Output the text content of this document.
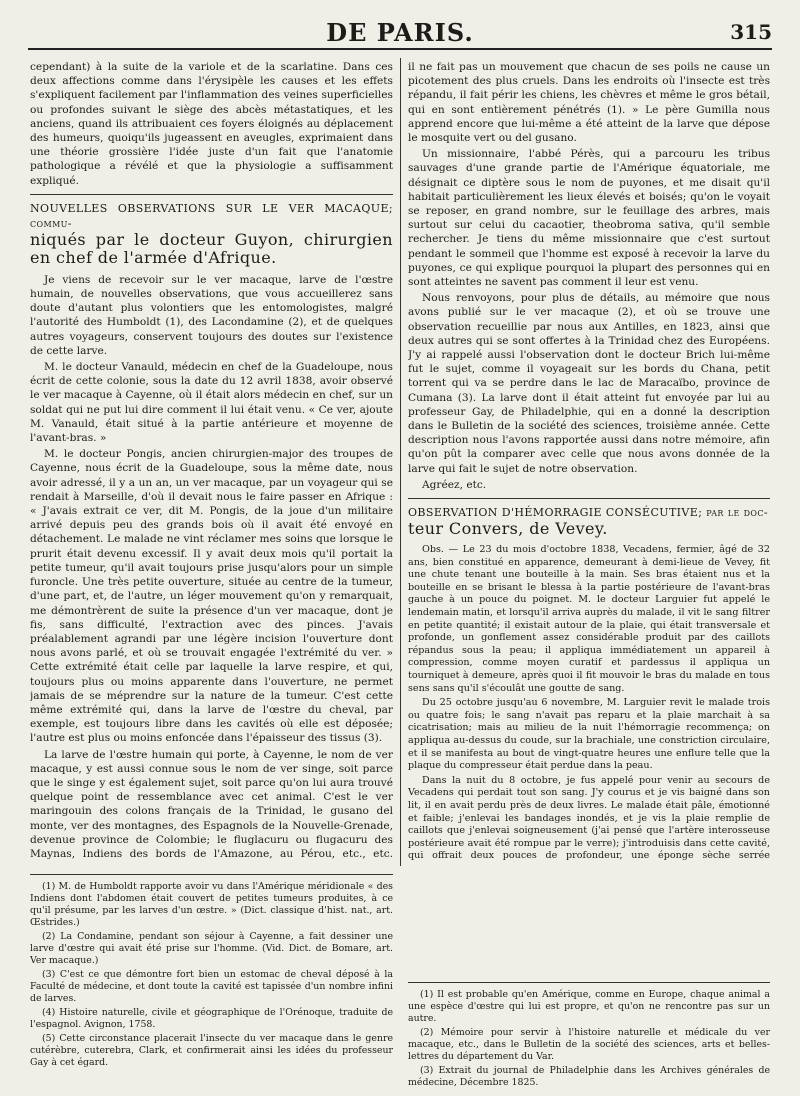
DE PARIS.	315

cependant) à la suite de la variole et de la scarlatine. Dans ces deux affections comme dans l'érysipèle les causes et les effets s'expliquent facilement par l'inflammation des veines superficielles ou profondes suivant le siège des abcès métastatiques, et les anciens, quand ils attribuaient ces foyers éloignés au déplacement des humeurs, quoiqu'ils jugeassent en aveugles, exprimaient dans une théorie grossière l'idée juste d'un fait que l'anatomie pathologique a révélé et que la physiologie a suffisamment expliqué.

NOUVELLES OBSERVATIONS SUR LE VER MACAQUE; commu-
niqués par le docteur Guyon, chirurgien en chef de l'armée d'Afrique.

Je viens de recevoir sur le ver macaque, larve de l'œstre humain, de nouvelles observations, que vous accueillerez sans doute d'autant plus volontiers que les entomologistes, malgré l'autorité des Humboldt (1), des Lacondamine (2), et de quelques autres voyageurs, conservent toujours des doutes sur l'existence de cette larve.

M. le docteur Vanauld, médecin en chef de la Guadeloupe, nous écrit de cette colonie, sous la date du 12 avril 1838, avoir observé le ver macaque à Cayenne, où il était alors médecin en chef, sur un soldat qui ne put lui dire comment il lui était venu. « Ce ver, ajoute M. Vanauld, était situé à la partie antérieure et moyenne de l'avant-bras. »

M. le docteur Pongis, ancien chirurgien-major des troupes de Cayenne, nous écrit de la Guadeloupe, sous la même date, nous avoir adressé, il y a un an, un ver macaque, par un voyageur qui se rendait à Marseille, d'où il devait nous le faire passer en Afrique : « J'avais extrait ce ver, dit M. Pongis, de la joue d'un militaire arrivé depuis peu des grands bois où il avait été envoyé en détachement. Le malade ne vint réclamer mes soins que lorsque le prurit était devenu excessif. Il y avait deux mois qu'il portait la petite tumeur, qu'il avait toujours prise jusqu'alors pour un simple furoncle. Une très petite ouverture, située au centre de la tumeur, d'une part, et, de l'autre, un léger mouvement qu'on y remarquait, me démontrèrent de suite la présence d'un ver macaque, dont je fis, sans difficulté, l'extraction avec des pinces. J'avais préalablement agrandi par une légère incision l'ouverture dont nous avons parlé, et où se trouvait engagée l'extrémité du ver. » Cette extrémité était celle par laquelle la larve respire, et qui, toujours plus ou moins apparente dans l'ouverture, ne permet jamais de se méprendre sur la nature de la tumeur. C'est cette même extrémité qui, dans la larve de l'œstre du cheval, par exemple, est toujours libre dans les cavités où elle est déposée; l'autre est plus ou moins enfoncée dans l'épaisseur des tissus (3).

La larve de l'œstre humain qui porte, à Cayenne, le nom de ver macaque, y est aussi connue sous le nom de ver singe, soit parce que le singe y est également sujet, soit parce qu'on lui aura trouvé quelque point de ressemblance avec cet animal. C'est le ver maringouin des colons français de la Trinidad, le gusano del monte, ver des montagnes, des Espagnols de la Nouvelle-Grenade, devenue province de Colombie; le fluglacuru ou flugacuru des Maynas, Indiens des bords de l'Amazone, au Pérou, etc., etc.

il ne fait pas un mouvement que chacun de ses poils ne cause un picotement des plus cruels. Dans les endroits où l'insecte est très répandu, il fait périr les chiens, les chèvres et même le gros bétail, qui en sont entièrement pénétrés (1). » Le père Gumilla nous apprend encore que lui-même a été atteint de la larve que dépose le mosquite vert ou del gusano.

Un missionnaire, l'abbé Pérès, qui a parcouru les tribus sauvages d'une grande partie de l'Amérique équatoriale, me désignait ce diptère sous le nom de puyones, et me disait qu'il habitait particulièrement les lieux élevés et boisés; qu'on le voyait se reposer, en grand nombre, sur le feuillage des arbres, mais surtout sur celui du cacaotier, theobroma sativa, qu'il semble rechercher. Je tiens du même missionnaire que c'est surtout pendant le sommeil que l'homme est exposé à recevoir la larve du puyones, ce qui explique pourquoi la plupart des personnes qui en sont atteintes ne savent pas comment il leur est venu.

Nous renvoyons, pour plus de détails, au mémoire que nous avons publié sur le ver macaque (2), et où se trouve une observation recueillie par nous aux Antilles, en 1823, ainsi que deux autres qui se sont offertes à la Trinidad chez des Européens. J'y ai rappelé aussi l'observation dont le docteur Brich lui-même fut le sujet, comme il voyageait sur les bords du Chana, petit torrent qui va se perdre dans le lac de Maracaïbo, province de Cumana (3). La larve dont il était atteint fut envoyée par lui au professeur Gay, de Philadelphie, qui en a donné la description dans le Bulletin de la société des sciences, troisième année. Cette description nous l'avons rapportée aussi dans notre mémoire, afin qu'on pût la comparer avec celle que nous avons donnée de la larve qui fait le sujet de notre observation.

Agréez, etc.

OBSERVATION D'HÉMORRAGIE CONSÉCUTIVE; par le doc-
teur Convers, de Vevey.

Obs. — Le 23 du mois d'octobre 1838, Vecadens, fermier, âgé de 32 ans, bien constitué en apparence, demeurant à demi-lieue de Vevey, fit une chute tenant une bouteille à la main. Ses bras étaient nus et la bouteille en se brisant le blessa à la partie postérieure de l'avant-bras gauche à un pouce du poignet. M. le docteur Larguier fut appelé le lendemain matin, et lorsqu'il arriva auprès du malade, il vit le sang filtrer en petite quantité; il existait autour de la plaie, qui était transversale et profonde, un gonflement assez considérable produit par des caillots répandus sous la peau; il appliqua immédiatement un appareil à compression, comme moyen curatif et pardessus il appliqua un tourniquet à demeure, après quoi il fit mouvoir le bras du malade en tous sens sans qu'il s'écoulât une goutte de sang.

Du 25 octobre jusqu'au 6 novembre, M. Larguier revit le malade trois ou quatre fois; le sang n'avait pas reparu et la plaie marchait à sa cicatrisation; mais au milieu de la nuit l'hémorragie recommença; on appliqua au-dessus du coude, sur la brachiale, une constriction circulaire, et il se manifesta au bout de vingt-quatre heures une enflure telle que la plaque du compresseur était perdue dans la peau.

Dans la nuit du 8 octobre, je fus appelé pour venir au secours de Vecadens qui perdait tout son sang. J'y courus et je vis baigné dans son lit, il en avait perdu près de deux livres. Le malade était pâle, émotionné et faible; j'enlevai les bandages inondés, et je vis la plaie remplie de caillots que j'enlevai soigneusement (j'ai pensé que l'artère interosseuse postérieure avait été rompue par le verre); j'introduisis dans cette cavité, qui offrait deux pouces de profondeur, une éponge sèche serrée

(1) M. de Humboldt rapporte avoir vu dans l'Amérique méridionale « des Indiens dont l'abdomen était couvert de petites tumeurs produites, à ce qu'il présume, par les larves d'un œstre. » (Dict. classique d'hist. nat., art. Œstrides.)

(2) La Condamine, pendant son séjour à Cayenne, a fait dessiner une larve d'œstre qui avait été prise sur l'homme. (Vid. Dict. de Bomare, art. Ver macaque.)

(3) C'est ce que démontre fort bien un estomac de cheval déposé à la Faculté de médecine, et dont toute la cavité est tapissée d'un nombre infini de larves.

(4) Histoire naturelle, civile et géographique de l'Orénoque, traduite de l'espagnol. Avignon, 1758.

(5) Cette circonstance placerait l'insecte du ver macaque dans le genre cutérèbre, cuterebra, Clark, et confirmerait ainsi les idées du professeur Gay à cet égard.

(1) Il est probable qu'en Amérique, comme en Europe, chaque animal a une espèce d'œstre qui lui est propre, et qu'on ne rencontre pas sur un autre.

(2) Mémoire pour servir à l'histoire naturelle et médicale du ver macaque, etc., dans le Bulletin de la société des sciences, arts et belles-lettres du département du Var.

(3) Extrait du journal de Philadelphie dans les Archives générales de médecine, Décembre 1825.
